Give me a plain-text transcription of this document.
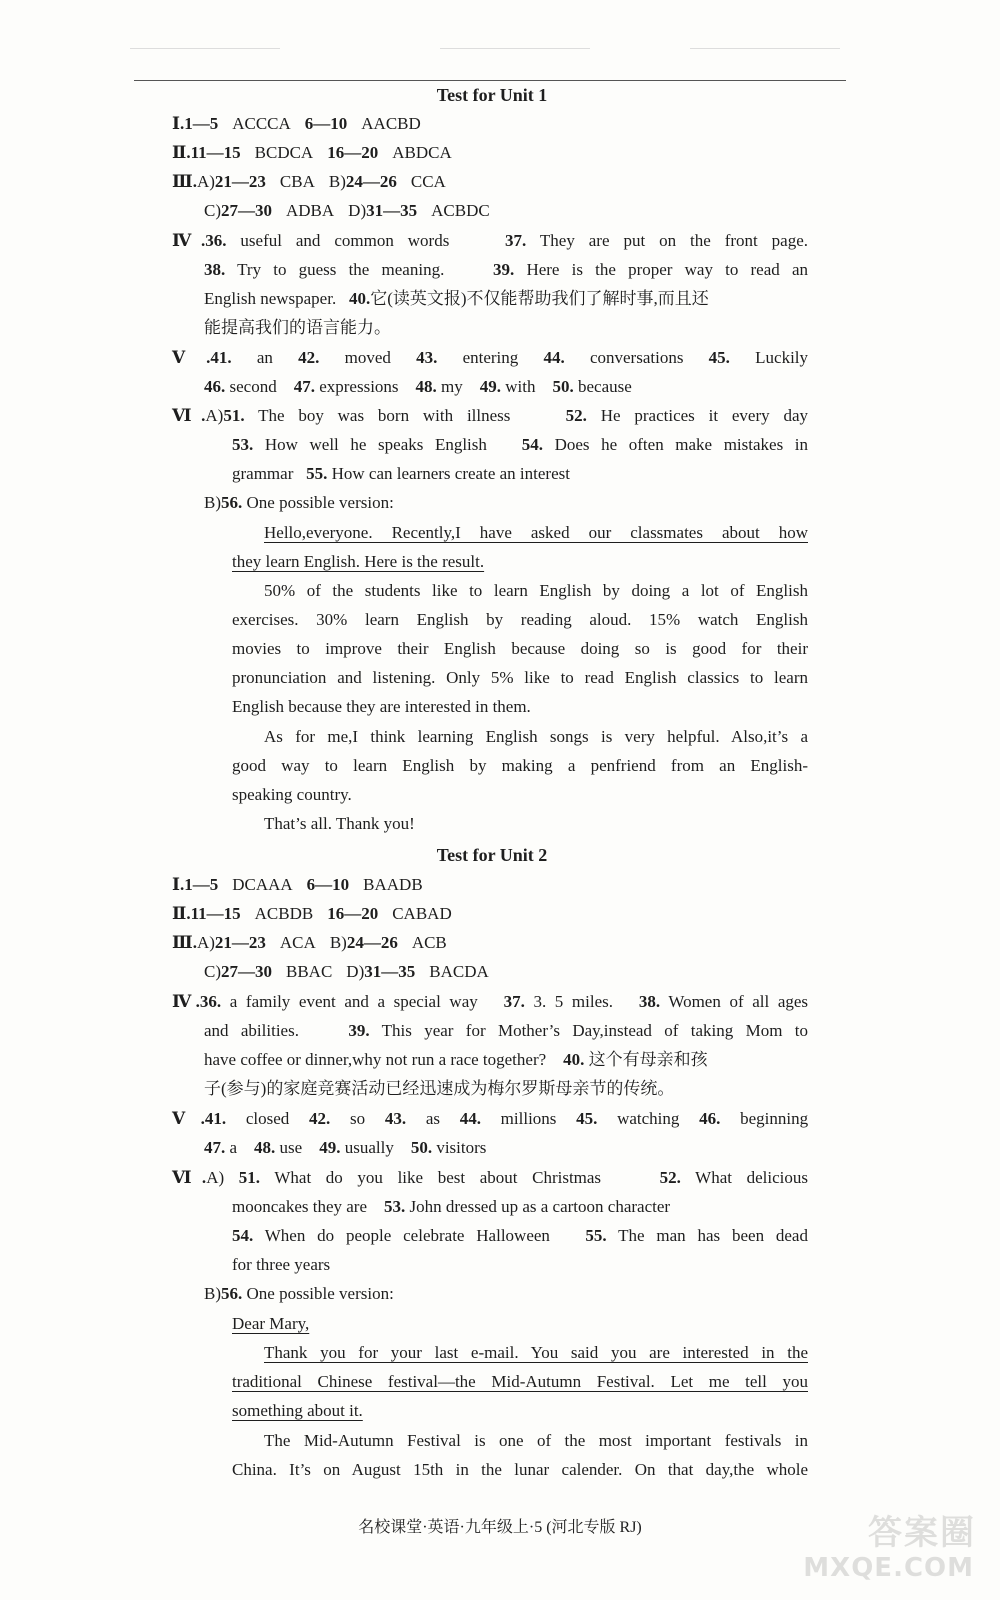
Test for Unit 1
Ⅰ.1—5 ACCCA 6—10 AACBD
Ⅱ.11—15 BCDCA 16—20 ABDCA
Ⅲ.A)21—23 CBA B)24—26 CCA
C)27—30 ADBA D)31—35 ACBDC
Ⅳ.36. useful and common words	37. They are put on the front page.
38. Try to guess the meaning.	39. Here is the proper way to read an
English newspaper. 40.它(读英文报)不仅能帮助我们了解时事,而且还
能提高我们的语言能力。
Ⅴ.41. an 42. moved 43. entering 44. conversations 45. Luckily
46. second 47. expressions 48. my 49. with 50. because
Ⅵ.A)51. The boy was born with illness	52. He practices it every day
53. How well he speaks English 54. Does he often make mistakes in
grammar 55. How can learners create an interest
B)56. One possible version:
Hello,everyone. Recently,I have asked our classmates about how
they learn English. Here is the result.
50% of the students like to learn English by doing a lot of English
exercises. 30% learn English by reading aloud. 15% watch English
movies to improve their English because doing so is good for their
pronunciation and listening. Only 5% like to read English classics to learn
English because they are interested in them.
As for me,I think learning English songs is very helpful. Also,it’s a
good way to learn English by making a penfriend from an English-
speaking country.
That’s all. Thank you!
Test for Unit 2
Ⅰ.1—5 DCAAA 6—10 BAADB
Ⅱ.11—15 ACBDB 16—20 CABAD
Ⅲ.A)21—23 ACA B)24—26 ACB
C)27—30 BBAC D)31—35 BACDA
Ⅳ.36. a family event and a special way 37. 3. 5 miles. 38. Women of all ages
and abilities.	39. This year for Mother’s Day,instead of taking Mom to
have coffee or dinner,why not run a race together? 40. 这个有母亲和孩
子(参与)的家庭竞赛活动已经迅速成为梅尔罗斯母亲节的传统。
Ⅴ.41. closed 42. so 43. as 44. millions 45. watching 46. beginning
47. a 48. use 49. usually 50. visitors
Ⅵ.A) 51. What do you like best about Christmas	52. What delicious
mooncakes they are 53. John dressed up as a cartoon character
54. When do people celebrate Halloween 55. The man has been dead
for three years
B)56. One possible version:
Dear Mary,
Thank you for your last e-mail. You said you are interested in the
traditional Chinese festival—the Mid-Autumn Festival. Let me tell you
something about it.
The Mid-Autumn Festival is one of the most important festivals in
China. It’s on August 15th in the lunar calender. On that day,the whole
名校课堂·英语·九年级上·5 (河北专版 RJ)	答案圈
MXQE.COM
